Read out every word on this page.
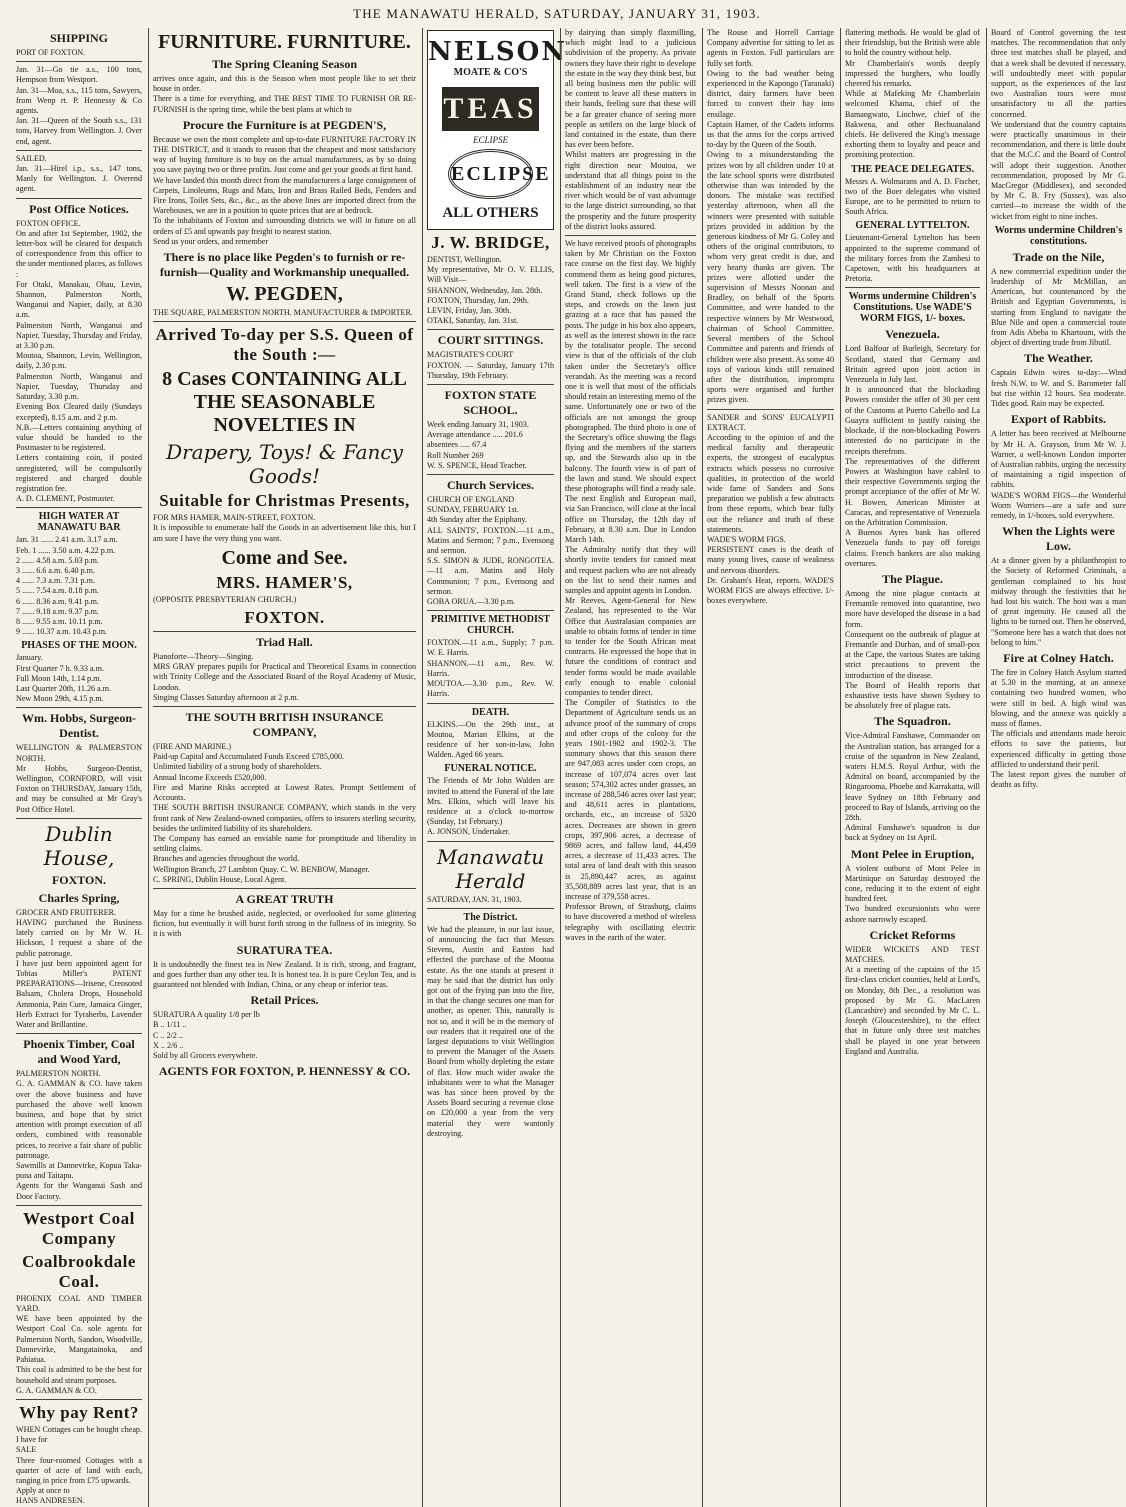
THE MANAWATU HERALD, SATURDAY, JANUARY 31, 1903.
SHIPPING
PORT OF FOXTON.
Jan. 31—Go tie a.s., 100 tons, Hempson from Westport.
Jan. 31—Moa, s.s., 115 tons, Sawyers, from Wenp rt. P. Hennessy & Co agents.
Jan. 31—Queen of the South s.s., 131 tons, Harvey from Wellington. J. Over end, agent.
SAILED.
Jan. 31—Hirel i.p., s.s., 147 tons, Manly for Wellington. J. Overend agent.
Post Office Notices.
FOXTON OFFICE.
On and after 1st September, 1902, the letter-box will be cleared for despatch of correspondence from this office to the under mentioned places, as follows :
For Otaki, Manakau, Ohau, Levin, Shannon, Palmerston North, Wanganui and Napier, daily, at 8.30 a.m.
Palmerston North, Wanganui and Napier, Tuesday, Thursday and Friday, at 3.30 p.m.
Moutoa, Shannon, Levin, Wellington, daily, 2.30 p.m.
Palmerston North, Wanganui and Napier, Tuesday, Thursday and Saturday, 3.30 p.m.
Evening Box Cleared daily (Sundays excepted), 8.15 a.m. and 2 p.m.
N.B.—Letters containing anything of value should be handed to the Postmaster to be registered.
Letters containing coin, if posted unregistered, will be compulsorily registered and charged double registration fee.
A. D. CLEMENT, Postmaster.
HIGH WATER AT MANAWATU BAR
Jan. 31 ...... 2.41 a.m. 3.17 a.m.
Feb. 1 ...... 3.50 a.m. 4.22 p.m.
2 ...... 4.58 a.m. 5.03 p.m.
3 ...... 6.6 a.m. 6.40 p.m.
4 ...... 7.3 a.m. 7.31 p.m.
5 ...... 7.54 a.m. 8.18 p.m.
6 ...... 8.36 a.m. 9.41 p.m.
7 ...... 9.18 a.m. 9.37 p.m.
8 ...... 9.55 a.m. 10.11 p.m.
9 ...... 10.37 a.m. 10.43 p.m.
PHASES OF THE MOON.
January.
First Quarter 7 h. 9.33 a.m.
Full Moon 14th, 1.14 p.m.
Last Quarter 20th, 11.26 a.m.
New Moon 29th, 4.15 p.m.
Wm. Hobbs, Surgeon-Dentist.
WELLINGTON & PALMERSTON NORTH.
Mr Hobbs, Surgeon-Dentist, Wellington, CORNFORD, will visit Foxton on THURSDAY, January 15th, and may be consulted at Mr Gray's Post Office Hotel.
Dublin House,
FOXTON.
Charles Spring,
GROCER AND FRUITERER.
HAVING purchased the Business lately carried on by Mr W. H. Hickson, I request a share of the public patronage.
I have just been appointed agent for Tobias Miller's PATENT PREPARATIONS—Irisene, Creosoted Balsam, Cholera Drops, Household Ammonia, Pain Cure, Jamaica Ginger, Herb Extract for Tyraherbs, Lavender Water and Brillantine.
Phoenix Timber, Coal and Wood Yard,
PALMERSTON NORTH.
G. A. GAMMAN & CO. have taken over the above business and have purchased the above well known business, and hope that by strict attention with prompt execution of all orders, combined with reasonable prices, to receive a fair share of public patronage.
Sawmills at Dannevirke, Kopua Taka-puna and Taitapu.
Agents for the Wanganui Sash and Door Factory.
Westport Coal Company
Coalbrookdale Coal.
PHOENIX COAL AND TIMBER YARD.
WE have been appointed by the Westport Coal Co. sole agents for Palmerston North, Sandon, Woodville, Dannevirke, Mangatainoka, and Pahiatua.
This coal is admitted to be the best for household and steam purposes.
G. A. GAMMAN & CO.
Why pay Rent?
WHEN Cottages can be bought cheap. I have for
SALE
Three four-roomed Cottages with a quarter of acre of land with each, ranging in price from £75 upwards.
Apply at once to
HANS ANDRESEN.
FURNITURE. FURNITURE.
The Spring Cleaning Season
arrives once again, and this is the Season when most people like to set their house in order.
There is a time for everything, and THE BEST TIME TO FURNISH OR RE-FURNISH is the spring time, while the best plans at which to
Procure the Furniture is at PEGDEN'S,
Because we own the most complete and up-to-date FURNITURE FACTORY IN THE DISTRICT, and it stands to reason that the cheapest and most satisfactory way of buying furniture is to buy on the actual manufacturers, as by so doing you save paying two or three profits. Just come and get your goods at first hand.
We have landed this month direct from the manufacturers a large consignment of Carpets, Linoleums, Rugs and Mats, Iron and Brass Railed Beds, Fenders and Fire Irons, Toilet Sets, &c., &c., as the above lines are imported direct from the Warehouses, we are in a position to quote prices that are at bedrock.
To the inhabitants of Foxton and surrounding districts we will in future on all orders of £5 and upwards pay freight to nearest station.
Send us your orders, and remember
There is no place like Pegden's to furnish or re-furnish—Quality and Workmanship unequalled.
W. PEGDEN,
THE SQUARE, PALMERSTON NORTH. MANUFACTURER & IMPORTER.
Arrived To-day per S.S. Queen of the South :—
8 Cases CONTAINING ALL THE SEASONABLE NOVELTIES IN
Drapery, Toys! & Fancy Goods!
Suitable for Christmas Presents,
FOR MRS HAMER, MAIN-STREET, FOXTON.
It is impossible to enumerate half the Goods in an advertisement like this, but I am sure I have the very thing you want.
Come and See.
MRS. HAMER'S,
(OPPOSITE PRESBYTERIAN CHURCH.)
FOXTON.
Triad Hall.
Pianoforte—Theory—Singing.
MRS GRAY prepares pupils for Practical and Theoretical Exams in connection with Trinity College and the Associated Board of the Royal Academy of Music, London.
Singing Classes Saturday afternoon at 2 p.m.
THE SOUTH BRITISH INSURANCE COMPANY,
(FIRE AND MARINE.)
Paid-up Capital and Accumulated Funds Exceed £785,000.
Unlimited liability of a strong body of shareholders.
Annual Income Exceeds £520,000.
Fire and Marine Risks accepted at Lowest Rates. Prompt Settlement of Accounts.
THE SOUTH BRITISH INSURANCE COMPANY, which stands in the very front rank of New Zealand-owned companies, offers to insurers sterling security, besides the unlimited liability of its shareholders.
The Company has earned an enviable name for promptitude and liberality in settling claims.
Branches and agencies throughout the world.
Wellington Branch, 27 Lambton Quay. C. W. BENBOW, Manager.
C. SPRING, Dublin House, Local Agent.
A GREAT TRUTH
May for a time be brushed aside, neglected, or overlooked for some glittering fiction, but eventually it will burst forth strong in the fullness of its integrity. So it is with
SURATURA TEA.
It is undoubtedly the finest tea in New Zealand. It is rich, strong, and fragrant, and goes further than any other tea. It is honest tea. It is pure Ceylon Tea, and is guaranteed not blended with Indian, China, or any cheap or inferior teas.
Retail Prices.
SURATURA A quality 1/8 per lb
B .. 1/11 ..
C .. 2/2 ..
X .. 2/6 ..
Sold by all Grocers everywhere.
AGENTS FOR FOXTON, P. HENNESSY & CO.
NELSON
MOATE & CO'S
TEAS
ECLIPSE
ECLIPSE
ALL OTHERS
J. W. BRIDGE,
DENTIST, Wellington.
My representative, Mr O. V. ELLIS, Will Visit—
SHANNON, Wednesday, Jan. 28th.
FOXTON, Thursday, Jan. 29th.
LEVIN, Friday, Jan. 30th.
OTAKI, Saturday, Jan. 31st.
COURT SITTINGS.
MAGISTRATE'S COURT
FOXTON. — Saturday, January 17th Thursday, 19th February.
FOXTON STATE SCHOOL.
Week ending January 31, 1903.
Average attendance ..... 201.6
absentees ..... 67.4
Roll Number 269
W. S. SPENCE, Head Teacher.
Church Services.
CHURCH OF ENGLAND
SUNDAY, FEBRUARY 1st.
4th Sunday after the Epiphany.
ALL SAINTS', FOXTON.—11 a.m., Matins and Sermon; 7 p.m., Evensong and sermon.
S.S. SIMON & JUDE, RONGOTEA.—11 a.m. Matins and Holy Communion; 7 p.m., Evensong and sermon.
GOBA ORUA.—3.30 p.m.
PRIMITIVE METHODIST CHURCH.
FOXTON.—11 a.m., Supply; 7 p.m. W. E. Harris.
SHANNON.—11 a.m., Rev. W. Harris.
MOUTOA.—3.30 p.m., Rev. W. Harris.
DEATH.
ELKINS.—On the 29th inst., at Moutoa, Marian Elkins, at the residence of her son-in-law, John Walden. Aged 66 years.
FUNERAL NOTICE.
The Friends of Mr John Walden are invited to attend the Funeral of the late Mrs. Elkins, which will leave his residence at a o'clock to-morrow (Sunday, 1st February.)
A. JONSON, Undertaker.
Manawatu Herald
SATURDAY, JAN. 31, 1903.
The District.
We had the pleasure, in our last issue, of announcing the fact that Messrs Stevens, Austin and Easton had effected the purchase of the Moutoa estate. As the one stands at present it may be said that the district has only got out of the frying pan into the fire, in that the change secures one man for another, as opener. This, naturally is not so, and it will be in the memory of our readers that it required one of the largest deputations to visit Wellington to prevent the Manager of the Assets Board from wholly depleting the estate of flax. How much wider awake the inhabitants were to what the Manager was has since been proved by the Assets Board securing a revenue close on £20,000 a year from the very material they were wantonly destroying.
by dairying than simply flaxmilling, which might lead to a judicious subdivision of the property. As private owners they have their right to develope the estate in the way they think best, but all being business men the public will be content to leave all these matters in their hands, feeling sure that these will be a far greater chance of seeing more people as settlers on the large block of land contained in the estate, than there has ever been before.
Whilst matters are progressing in the right direction near Moutoa, we understand that all things point to the establishment of an industry near the river which would be of vast advantage to the large district surrounding, so that the prosperity and the future prosperity of the district looks assured.
We have received proofs of photographs taken by Mr Christian on the Foxton race course on the first day. We highly commend them as being good pictures, well taken. The first is a view of the Grand Stand, check follows up the steps, and crowds on the lawn just grazing at a race that has passed the posts. The judge in his box also appears, as well as the interest shown in the race by the totalisator people. The second view is that of the officials of the club taken under the Secretary's office verandah. As the meeting was a record one it is well that most of the officials should retain an interesting memo of the same. Unfortunately one or two of the officials are not amongst the group photographed. The third photo is one of the Secretary's office showing the flags flying and the members of the starters up, and the Stewards also up in the balcony. The fourth view is of part of the lawn and stand. We should expect these photographs will find a ready sale.
The next English and European mail, via San Francisco, will close at the local office on Thursday, the 12th day of February, at 8.30 a.m. Due in London March 14th.
The Admiralty notify that they will shortly invite tenders for canned meat and request packers who are not already on the list to send their names and samples and appoint agents in London.
Mr Reeves, Agent-General for New Zealand, has represented to the War Office that Australasian companies are unable to obtain forms of tender in time to tender for the South African meat contracts. He expressed the hope that in future the conditions of contract and tender forms would be made available early enough to enable colonial companies to tender direct.
The Compiler of Statistics to the Department of Agriculture sends us an advance proof of the summary of crops and other crops of the colony for the years 1901-1902 and 1902-3. The summary shows that this season there are 947,083 acres under corn crops, an increase of 107,074 acres over last season; 574,302 acres under grasses, an increase of 288,546 acres over last year; and 48,611 acres in plantations, orchards, etc., an increase of 5320 acres. Decreases are shown in green crops, 397,906 acres, a decrease of 9869 acres, and fallow land, 44,459 acres, a decrease of 11,433 acres. The total area of land dealt with this season is 25,890,447 acres, as against 35,508,889 acres last year, that is an increase of 379,558 acres.
Professor Brown, of Strasburg, claims to have discovered a method of wireless telegraphy with oscillating electric waves in the earth of the water.
The Rouse and Horrell Carriage Company advertise for sitting to let as agents in Foxton. Full particulars are fully set forth.
Owing to the bad weather being experienced in the Kapongo (Taranaki) district, dairy farmers have been forced to convert their hay into ensilage.
Captain Hamer, of the Cadets informs us that the arms for the corps arrived to-day by the Queen of the South.
Owing to a misunderstanding the prizes won by all children under 10 at the late school sports were distributed otherwise than was intended by the donors. The mistake was rectified yesterday afternoon, when all the winners were presented with suitable prizes provided in addition by the generous kindness of Mr G. Coley and others of the original contributors, to whom very great credit is due, and very hearty thanks are given. The prizes were allotted under the supervision of Messrs Noonan and Bradley, on behalf of the Sports Committee, and were handed to the respective winners by Mr Westwood, chairman of School Committee. Several members of the School Committee and parents and friends of children were also present. As some 40 toys of various kinds still remained after the distribution, impromptu sports were organised and further prizes given.
SANDER and SONS' EUCALYPTI EXTRACT.
According to the opinion of and the medical faculty and therapeutic experts, the strongest of eucalyptus extracts which possess no corrosive qualities, in protection of the world wide fame of Sanders and Sons preparation we publish a few abstracts from these reports, which bear fully out the reliance and truth of these statements.
WADE'S WORM FIGS.
PERSISTENT cases is the death of many young lives, cause of weakness and nervous disorders.
Dr. Graham's Heat, reports. WADE'S WORM FIGS are always effective. 1/- boxes everywhere.
flattering methods. He would be glad of their friendship, but the British were able to hold the country without help.
Mr Chamberlain's words deeply impressed the burghers, who loudly cheered his remarks.
While at Mafeking Mr Chamberlain welcomed Khama, chief of the Bamangwato, Linchwe, chief of the Bakwena, and other Bechuanaland chiefs. He delivered the King's message exhorting them to loyalty and peace and promising protection.
THE PEACE DELEGATES.
Messrs A. Wolmarans and A. D. Fischer, two of the Boer delegates who visited Europe, are to be permitted to return to South Africa.
GENERAL LYTTELTON.
Lieutenant-General Lyttelton has been appointed to the supreme command of the military forces from the Zambesi to Capetown, with his headquarters at Pretoria.
Worms undermine Children's Constitutions. Use WADE'S WORM FIGS, 1/- boxes.
Venezuela.
Lord Balfour of Burleigh, Secretary for Scotland, stated that Germany and Britain agreed upon joint action in Venezuela in July last.
It is announced that the blockading Powers consider the offer of 30 per cent of the Customs at Puerto Cabello and La Guayra sufficient to justify raising the blockade, if the non-blockading Powers interested do no participate in the receipts therefrom.
The representatives of the different Powers at Washington have cabled to their respective Governments urging the prompt acceptance of the offer of Mr W. H. Bowen, American Minister at Caracas, and representative of Venezuela on the Arbitration Commission.
A Buenos Ayres bank has offered Venezuela funds to pay off foreign claims. French bankers are also making overtures.
The Plague.
Among the nine plague contacts at Fremantle removed into quarantine, two more have developed the disease in a bad form.
Consequent on the outbreak of plague at Fremantle and Durban, and of small-pox at the Cape, the various States are taking strict precautions to prevent the introduction of the disease.
The Board of Health reports that exhaustive tests have shown Sydney to be absolutely free of plague rats.
The Squadron.
Vice-Admiral Fanshawe, Commander on the Australian station, has arranged for a cruise of the squadron in New Zealand, waters H.M.S. Royal Arthur, with the Admiral on board, accompanied by the Ringarooma, Phoebe and Karrakatta, will leave Sydney on 18th February and proceed to Bay of Islands, arriving on the 28th.
Admiral Fanshawe's squadron is due back at Sydney on 1st April.
Mont Pelee in Eruption,
A violent outburst of Mont Pelee in Martinique on Saturday destroyed the cone, reducing it to the extent of eight hundred feet.
Two hundred excursionists who were ashore narrowly escaped.
Cricket Reforms
WIDER WICKETS AND TEST MATCHES.
At a meeting of the captains of the 15 first-class cricket counties, held at Lord's, on Monday, 8th Dec., a resolution was proposed by Mr G. MacLaren (Lancashire) and seconded by Mr C. L. Joseph (Gloucestershire), to the effect that in future only three test matches shall be played in one year between England and Australia.
Board of Control governing the test matches. The recommendation that only three test matches shall be played, and that a week shall be devoted if necessary, will undoubtedly meet with popular support, as the experiences of the last two Australian tours were most unsatisfactory to all the parties concerned.
We understand that the country captains were practically unanimous in their recommendation, and there is little doubt that the M.C.C and the Board of Control will adopt their suggestion. Another recommendation, proposed by Mr G. MacGregor (Middlesex), and seconded by Mr C. B. Fry (Sussex), was also carried—to increase the width of the wicket from eight to nine inches.
Worms undermine Children's constitutions.
Trade on the Nile,
A new commercial expedition under the leadership of Mr McMillan, an American, but countenanced by the British and Egyptian Governments, is starting from England to navigate the Blue Nile and open a commercial route from Adis Abeba to Khartoum, with the object of diverting trade from Jibutil.
The Weather.
Captain Edwin wires to-day:—Wind fresh N.W. to W. and S. Barometer fall but rise within 12 hours. Sea moderate. Tides good. Rain may be expected.
Export of Rabbits.
A letter has been received at Melbourne by Mr H. A. Grayson, from Mr W. J. Warner, a well-known London importer of Australian rabbits, urging the necessity of maintaining a rigid inspection of rabbits.
WADE'S WORM FIGS—the Wonderful Worm Worriers—are a safe and sure remedy, in 1/-boxes, sold everywhere.
When the Lights were Low.
At a dinner given by a philanthropist to the Society of Reformed Criminals, a gentleman complained to his host midway through the festivities that he had lost his watch. The host was a man of great ingenuity. He caused all the lights to be turned out. Then he observed, "Someone here has a watch that does not belong to him."
Fire at Colney Hatch.
The fire in Colney Hatch Asylum started at 5.30 in the morning, at an annexe containing two hundred women, who were still in bed. A high wind was blowing, and the annexe was quickly a mass of flames.
The officials and attendants made heroic efforts to save the patients, but experienced difficulty in getting those afflicted to understand their peril.
The latest report gives the number of deaths as fifty.
